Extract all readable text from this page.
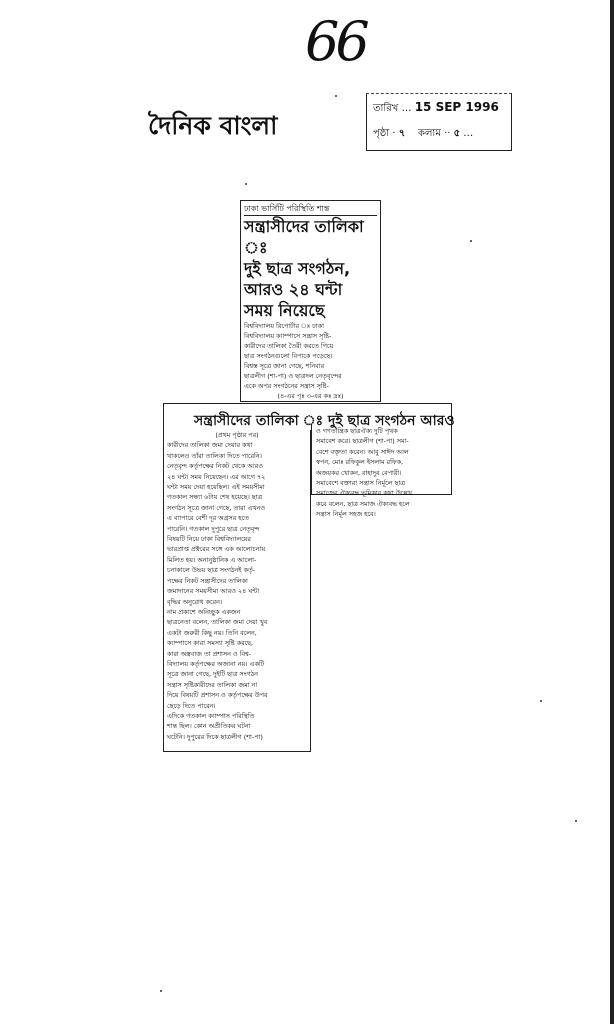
66
দৈনিক বাংলা
তারিখ … 15 SEP 1996
পৃষ্ঠা · ৭ কলাম ·· ৫ …
ঢাকা ভার্সিটি পরিস্থিতি শান্ত
সন্ত্রাসীদের তালিকা ঃ
দুই ছাত্র সংগঠন,
আরও ২৪ ঘন্টা
সময় নিয়েছে
বিশ্ববিদ্যালয় রিপোর্টার ঃ ঢাকা
বিশ্ববিদ্যালয় ক্যাম্পাসে সন্ত্রাস সৃষ্টি-
কারীদের তালিকা তৈরী করতে গিয়ে
ছাত্র সংগঠনগুলো বিপাকে পড়েছে।
বিশ্বস্ত সূত্রে জানা গেছে, শনিবার
ছাত্রলীগ (শা-পা) ও ছাত্রদল নেতৃবৃন্দের
একে অপর সংগঠনের সন্ত্রাস সৃষ্টি-
(৪-এর পৃঃ ৩-এর কঃ দ্রঃ)
সন্ত্রাসীদের তালিকা ঃ দুই ছাত্র সংগঠন আরও
(প্রথম পৃষ্ঠার পর)
কারীদের তালিকা জমা দেয়ার কথা
থাকলেও তাঁরা তালিকা দিতে পারেনি।
নেতৃবৃন্দ কর্তৃপক্ষের নিকট থেকে আরও
২৪ ঘন্টা সময় নিয়েছেন। এর আগে ৭২
ঘন্টা সময় দেয়া হয়েছিল। এই সময়সীমা
গতকাল সন্ধ্যা ৬টায় শেষ হয়েছে। ছাত্র
সংগঠন সূত্রে জানা গেছে, তারা এখনও
এ ব্যাপারে বেশী দূর অগ্রসর হতে
পারেনি। গতকাল দুপুরে ছাত্র নেতৃবৃন্দ
বিষয়টি নিয়ে ঢাকা বিশ্ববিদ্যালয়ের
ভারপ্রাপ্ত প্রক্টরের সঙ্গে এক আলোচনায়
মিলিত হয়। অনানুষ্ঠানিক এ আলো-
চনাকালে উভয় ছাত্র সংগঠনই কর্তৃ-
পক্ষের নিকট সন্ত্রাসীদের তালিকা
জমাদানের সময়সীমা আরও ২৪ ঘন্টা
বৃদ্ধির অনুরোধ করেন।
নাম প্রকাশে অনিচ্ছুক একজন
ছাত্রনেতা বলেন, তালিকা জমা দেয়া খুব
একটা জরুরী কিছু নয়। তিনি বলেন,
ক্যাম্পাসে কারা সমস্যা সৃষ্টি করছে,
কারা অস্ত্রবাজ তা প্রশাসন ও বিশ্ব-
বিদ্যালয় কর্তৃপক্ষের অজানা নয়। একটি
সূত্রে জানা গেছে, দুইটি ছাত্র সংগঠন
সন্ত্রাস সৃষ্টিকারীদের তালিকা জমা না
দিয়ে বিষয়টি প্রশাসন ও কর্তৃপক্ষের উপর
ছেড়ে দিতে পারেন।
এদিকে গতকাল ক্যাম্পাস পরিস্থিতি
শান্ত ছিল। কোন অপ্রীতিকর ঘটনা
ঘটেনি। দুপুরের দিকে ছাত্রলীগ (শা-পা)
ও গণতান্ত্রিক ছাত্রঐক্য দুটি পৃথক
সমাবেশ করে। ছাত্রলীগ (শা-পা) সমা-
বেশে বক্তৃতা করেন। আবু সাঈদ আল
স্বপন, মোঃ রফিকুল ইসলাম রফিক,
অজয়কর খোকন, বাহাদুর বেপারী।
সমাবেশে বক্তারা সন্ত্রাস নির্মূলে ছাত্র
সমাজের ঐক্যবদ্ধ ভূমিকার কথা উল্লেখ
করে বলেন, ছাত্র সমাজ ঐক্যবদ্ধ হলে
সন্ত্রাস নির্মূল সহজ হবে।
